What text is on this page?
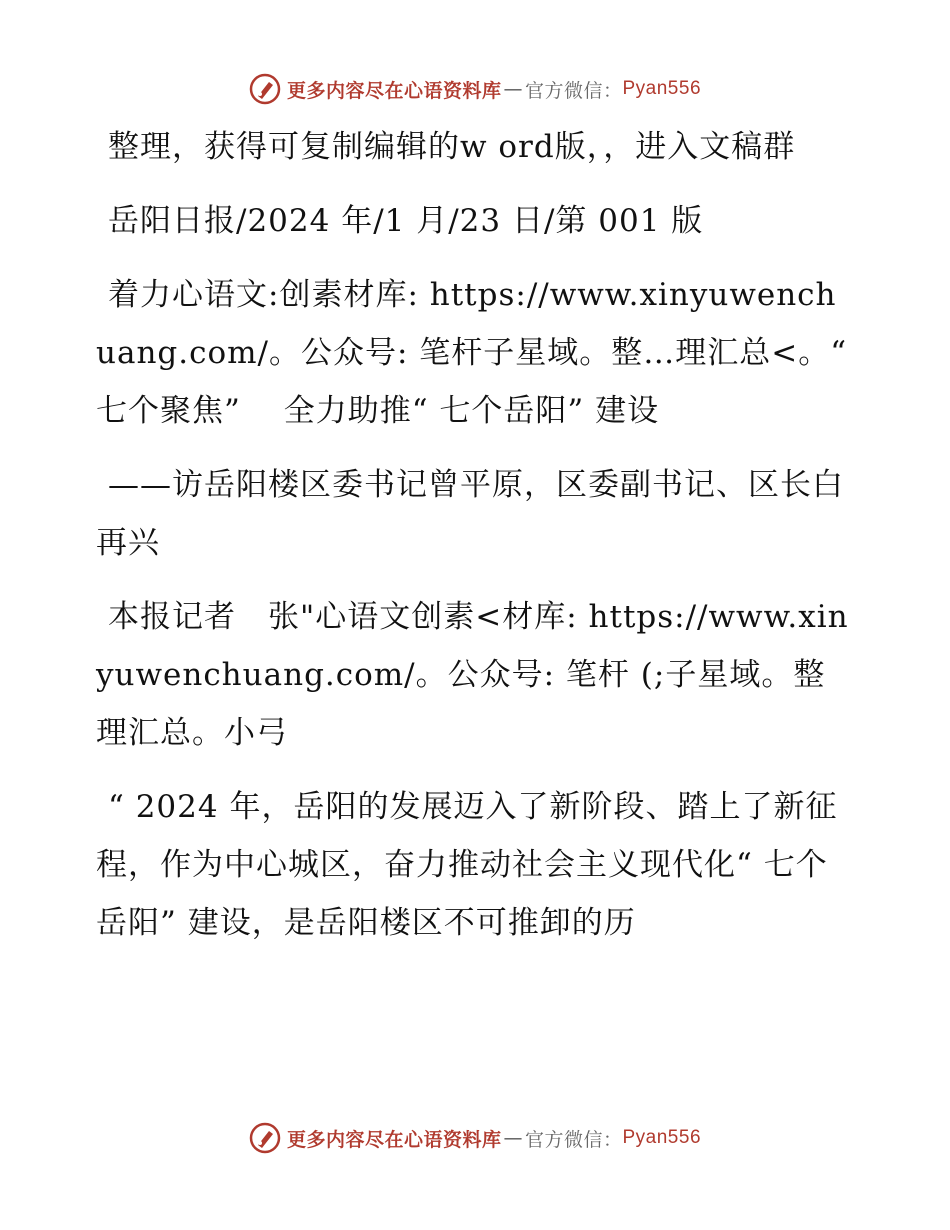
更多内容尽在心语资料库 — 官方微信： Pyan556

整理，获得可复制编辑的w ord版，，进入文稿群

岳阳日报/2024 年/1 月/23 日/第 001 版

着力心语文:创素材库: https://www.xinyuwenchuang.com/。公众号: 笔杆子星域。整…理汇总<。“ 七个聚焦”　 全力助推“ 七个岳阳” 建设

——访岳阳楼区委书记曾平原，区委副书记、区长白再兴

本报记者　张"心语文创素<材库: https://www.xinyuwenchuang.com/。公众号: 笔杆 (;子星域。整理汇总。小弓

“ 2024 年，岳阳的发展迈入了新阶段、踏上了新征程，作为中心城区，奋力推动社会主义现代化“ 七个岳阳” 建设，是岳阳楼区不可推卸的历

更多内容尽在心语资料库 — 官方微信： Pyan556
